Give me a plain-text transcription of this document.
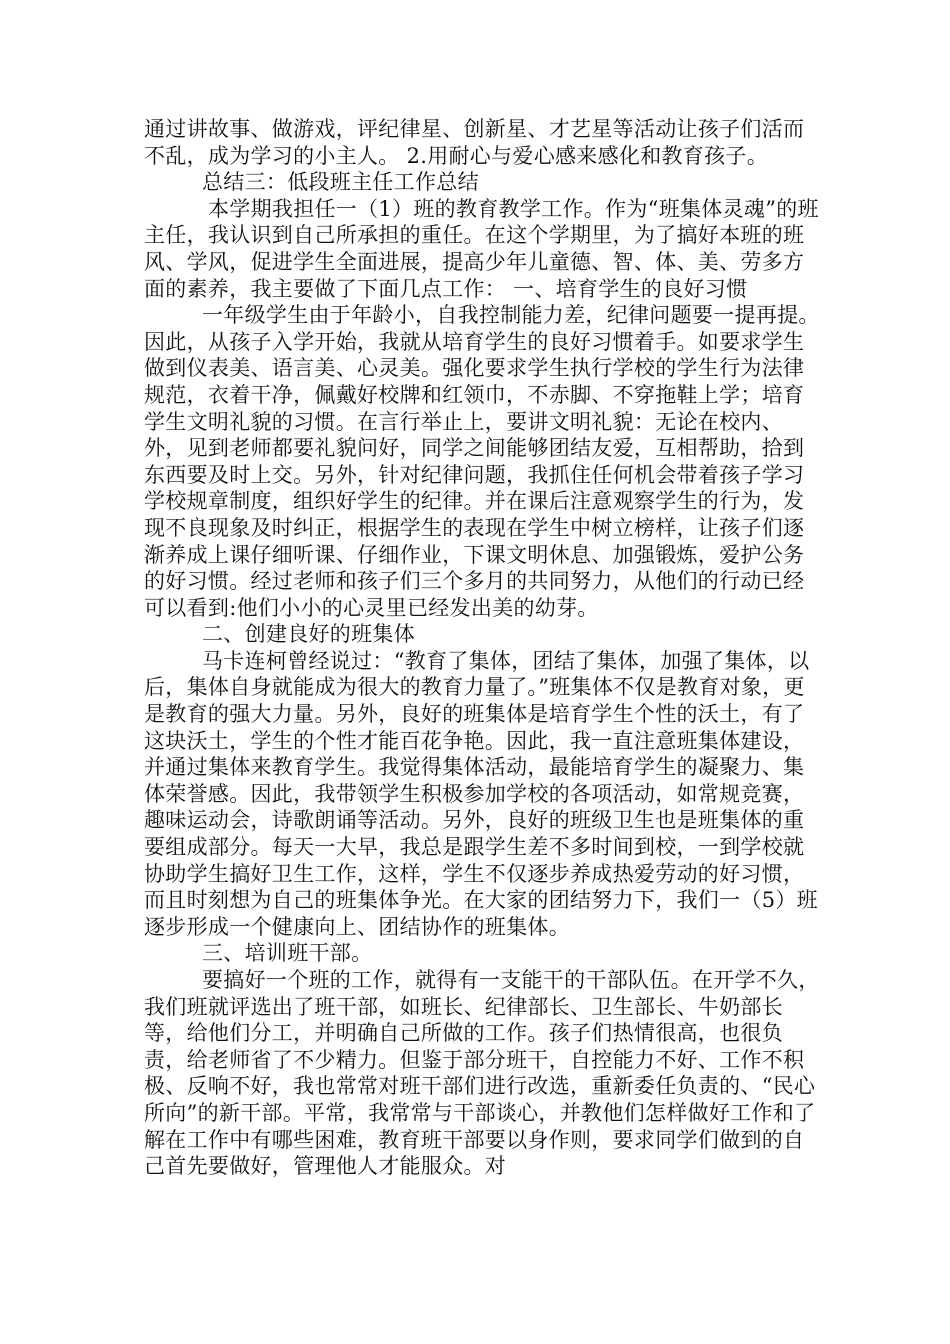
通过讲故事、做游戏，评纪律星、创新星、才艺星等活动让孩子们活而不乱，成为学习的小主人。 2.用耐心与爱心感来感化和教育孩子。

总结三：低段班主任工作总结

本学期我担任一（1）班的教育教学工作。作为“班集体灵魂”的班主任，我认识到自己所承担的重任。在这个学期里，为了搞好本班的班风、学风，促进学生全面进展，提高少年儿童德、智、体、美、劳多方面的素养，我主要做了下面几点工作： 一、培育学生的良好习惯

一年级学生由于年龄小，自我控制能力差，纪律问题要一提再提。因此，从孩子入学开始，我就从培育学生的良好习惯着手。如要求学生做到仪表美、语言美、心灵美。强化要求学生执行学校的学生行为法律规范，衣着干净，佩戴好校牌和红领巾，不赤脚、不穿拖鞋上学；培育学生文明礼貌的习惯。在言行举止上，要讲文明礼貌：无论在校内、外，见到老师都要礼貌问好，同学之间能够团结友爱，互相帮助，拾到东西要及时上交。另外，针对纪律问题，我抓住任何机会带着孩子学习学校规章制度，组织好学生的纪律。并在课后注意观察学生的行为，发现不良现象及时纠正，根据学生的表现在学生中树立榜样，让孩子们逐渐养成上课仔细听课、仔细作业，下课文明休息、加强锻炼，爱护公务的好习惯。经过老师和孩子们三个多月的共同努力，从他们的行动已经可以看到:他们小小的心灵里已经发出美的幼芽。

二、创建良好的班集体

马卡连柯曾经说过：“教育了集体，团结了集体，加强了集体，以后，集体自身就能成为很大的教育力量了。”班集体不仅是教育对象，更是教育的强大力量。另外，良好的班集体是培育学生个性的沃土，有了这块沃土，学生的个性才能百花争艳。因此，我一直注意班集体建设，并通过集体来教育学生。我觉得集体活动，最能培育学生的凝聚力、集体荣誉感。因此，我带领学生积极参加学校的各项活动，如常规竞赛，趣味运动会，诗歌朗诵等活动。另外，良好的班级卫生也是班集体的重要组成部分。每天一大早，我总是跟学生差不多时间到校，一到学校就协助学生搞好卫生工作，这样，学生不仅逐步养成热爱劳动的好习惯，而且时刻想为自己的班集体争光。在大家的团结努力下，我们一（5）班逐步形成一个健康向上、团结协作的班集体。

三、培训班干部。

要搞好一个班的工作，就得有一支能干的干部队伍。在开学不久，我们班就评选出了班干部，如班长、纪律部长、卫生部长、牛奶部长等，给他们分工，并明确自己所做的工作。孩子们热情很高，也很负责，给老师省了不少精力。但鉴于部分班干，自控能力不好、工作不积极、反响不好，我也常常对班干部们进行改选，重新委任负责的、“民心所向”的新干部。平常，我常常与干部谈心，并教他们怎样做好工作和了解在工作中有哪些困难，教育班干部要以身作则，要求同学们做到的自己首先要做好，管理他人才能服众。对
